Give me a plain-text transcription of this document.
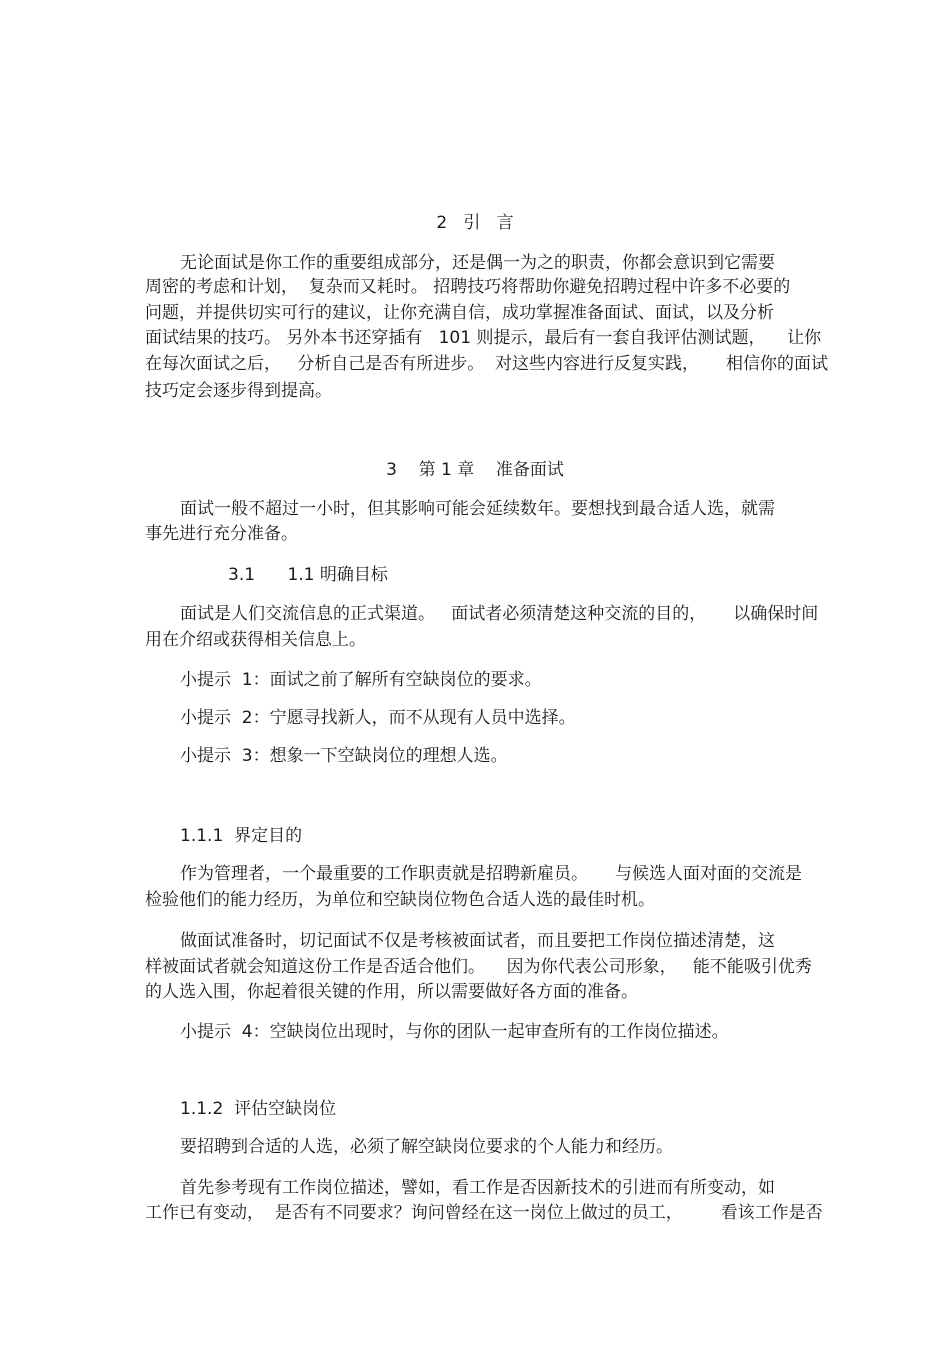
2   引   言

无论面试是你工作的重要组成部分，还是偶一为之的职责，你都会意识到它需要

周密的考虑和计划，  复杂而又耗时。 招聘技巧将帮助你避免招聘过程中许多不必要的

问题，并提供切实可行的建议，让你充满自信，成功掌握准备面试、面试，以及分析

面试结果的技巧。 另外本书还穿插有   101 则提示，最后有一套自我评估测试题，    让你

在每次面试之后，   分析自己是否有所进步。  对这些内容进行反复实践，     相信你的面试

技巧定会逐步得到提高。

3    第 1 章    准备面试

面试一般不超过一小时，但其影响可能会延续数年。要想找到最合适人选，就需

事先进行充分准备。

3.1      1.1 明确目标

面试是人们交流信息的正式渠道。   面试者必须清楚这种交流的目的，     以确保时间

用在介绍或获得相关信息上。

小提示  1：面试之前了解所有空缺岗位的要求。

小提示  2：宁愿寻找新人，而不从现有人员中选择。

小提示  3：想象一下空缺岗位的理想人选。

1.1.1  界定目的

作为管理者，一个最重要的工作职责就是招聘新雇员。     与候选人面对面的交流是

检验他们的能力经历，为单位和空缺岗位物色合适人选的最佳时机。

做面试准备时，切记面试不仅是考核被面试者，而且要把工作岗位描述清楚，这

样被面试者就会知道这份工作是否适合他们。    因为你代表公司形象，   能不能吸引优秀

的人选入围，你起着很关键的作用，所以需要做好各方面的准备。

小提示  4：空缺岗位出现时，与你的团队一起审查所有的工作岗位描述。

1.1.2  评估空缺岗位

要招聘到合适的人选，必须了解空缺岗位要求的个人能力和经历。

首先参考现有工作岗位描述，譬如，看工作是否因新技术的引进而有所变动，如

工作已有变动，  是否有不同要求？询问曾经在这一岗位上做过的员工，       看该工作是否
